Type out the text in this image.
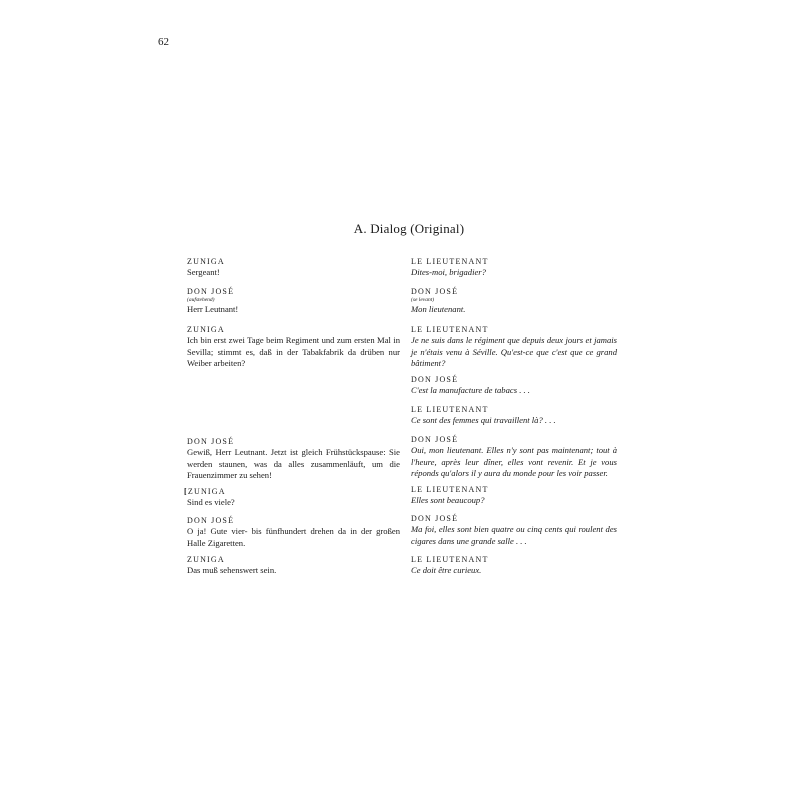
62
A. Dialog (Original)
ZUNIGA
Sergeant!
DON JOSÉ
(aufstehend)
Herr Leutnant!
ZUNIGA
Ich bin erst zwei Tage beim Regiment und zum ersten Mal in Sevilla; stimmt es, daß in der Tabakfabrik da drüben nur Weiber arbeiten?
DON JOSÉ
Gewiß, Herr Leutnant. Jetzt ist gleich Frühstückspause: Sie werden staunen, was da alles zusammenläuft, um die Frauenzimmer zu sehen!
[ZUNIGA
Sind es viele?
DON JOSÉ
O ja! Gute vier- bis fünfhundert drehen da in der großen Halle Zigaretten.
ZUNIGA
Das muß sehenswert sein.
LE LIEUTENANT
Dites-moi, brigadier?
DON JOSÉ
(se levant)
Mon lieutenant.
LE LIEUTENANT
Je ne suis dans le régiment que depuis deux jours et jamais je n'étais venu à Séville. Qu'est-ce que c'est que ce grand bâtiment?
DON JOSÉ
C'est la manufacture de tabacs . . .
LE LIEUTENANT
Ce sont des femmes qui travaillent là? . . .
DON JOSÉ
Oui, mon lieutenant. Elles n'y sont pas maintenant; tout à l'heure, après leur dîner, elles vont revenir. Et je vous réponds qu'alors il y aura du monde pour les voir passer.
LE LIEUTENANT
Elles sont beaucoup?
DON JOSÉ
Ma foi, elles sont bien quatre ou cinq cents qui roulent des cigares dans une grande salle . . .
LE LIEUTENANT
Ce doit être curieux.
